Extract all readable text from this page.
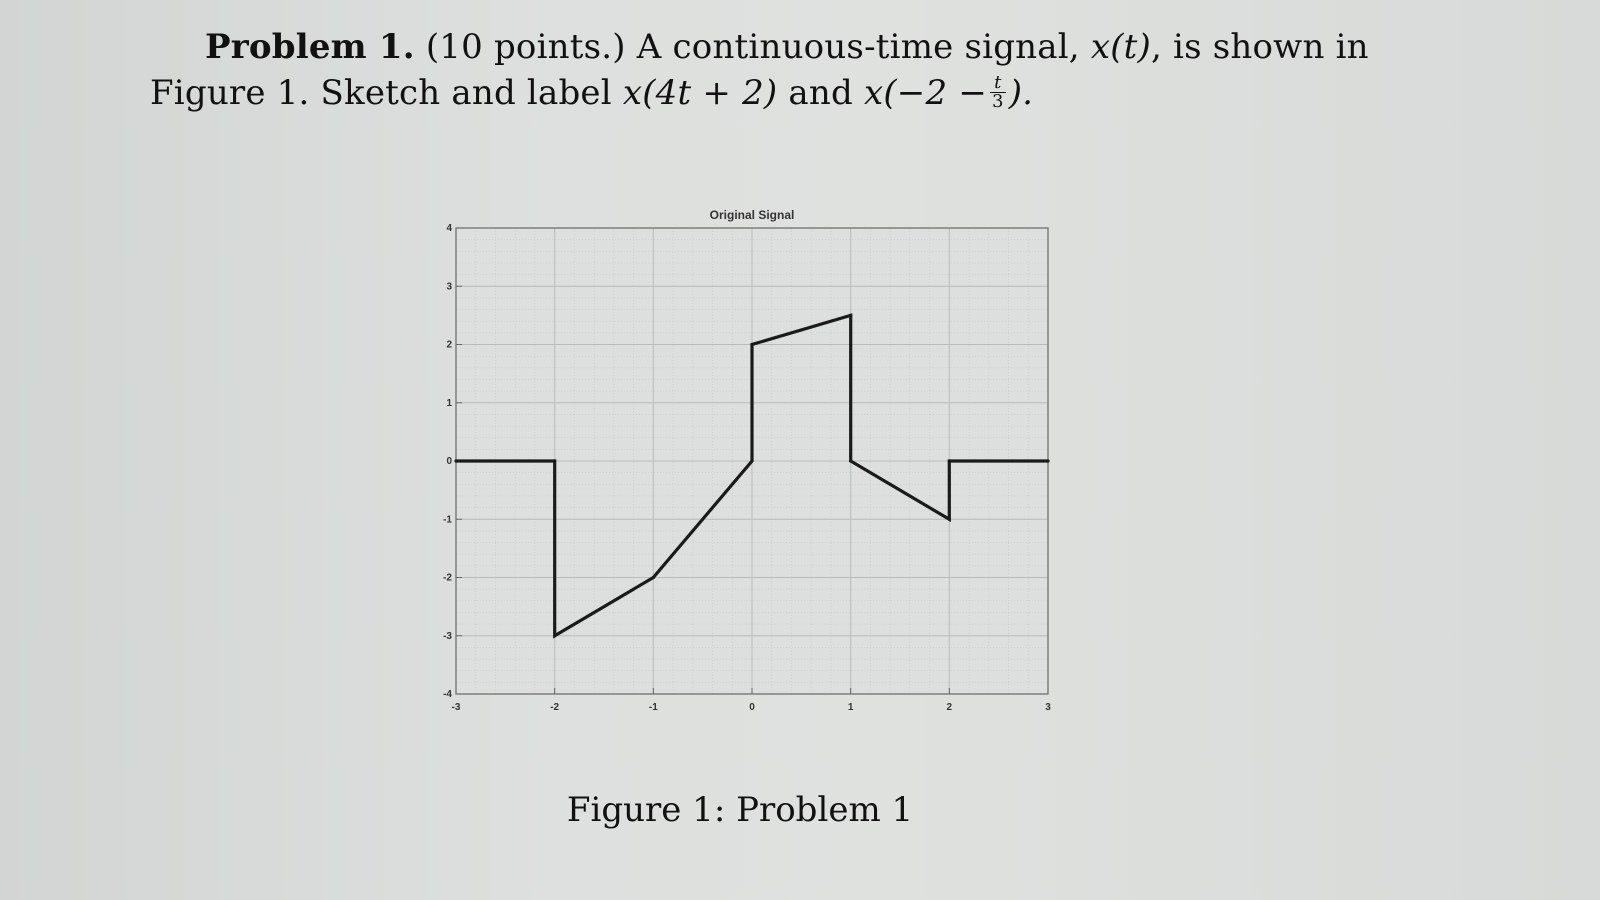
Problem 1. (10 points.) A continuous-time signal, x(t), is shown in
Figure 1. Sketch and label x(4t + 2) and $x(-2 - \frac{t}{3}$ ).
-3	-2	-1	0	1	2	3
-4
-3
-2
-1
0
1
2
3
4
Original Signal
Figure 1: Problem 1
